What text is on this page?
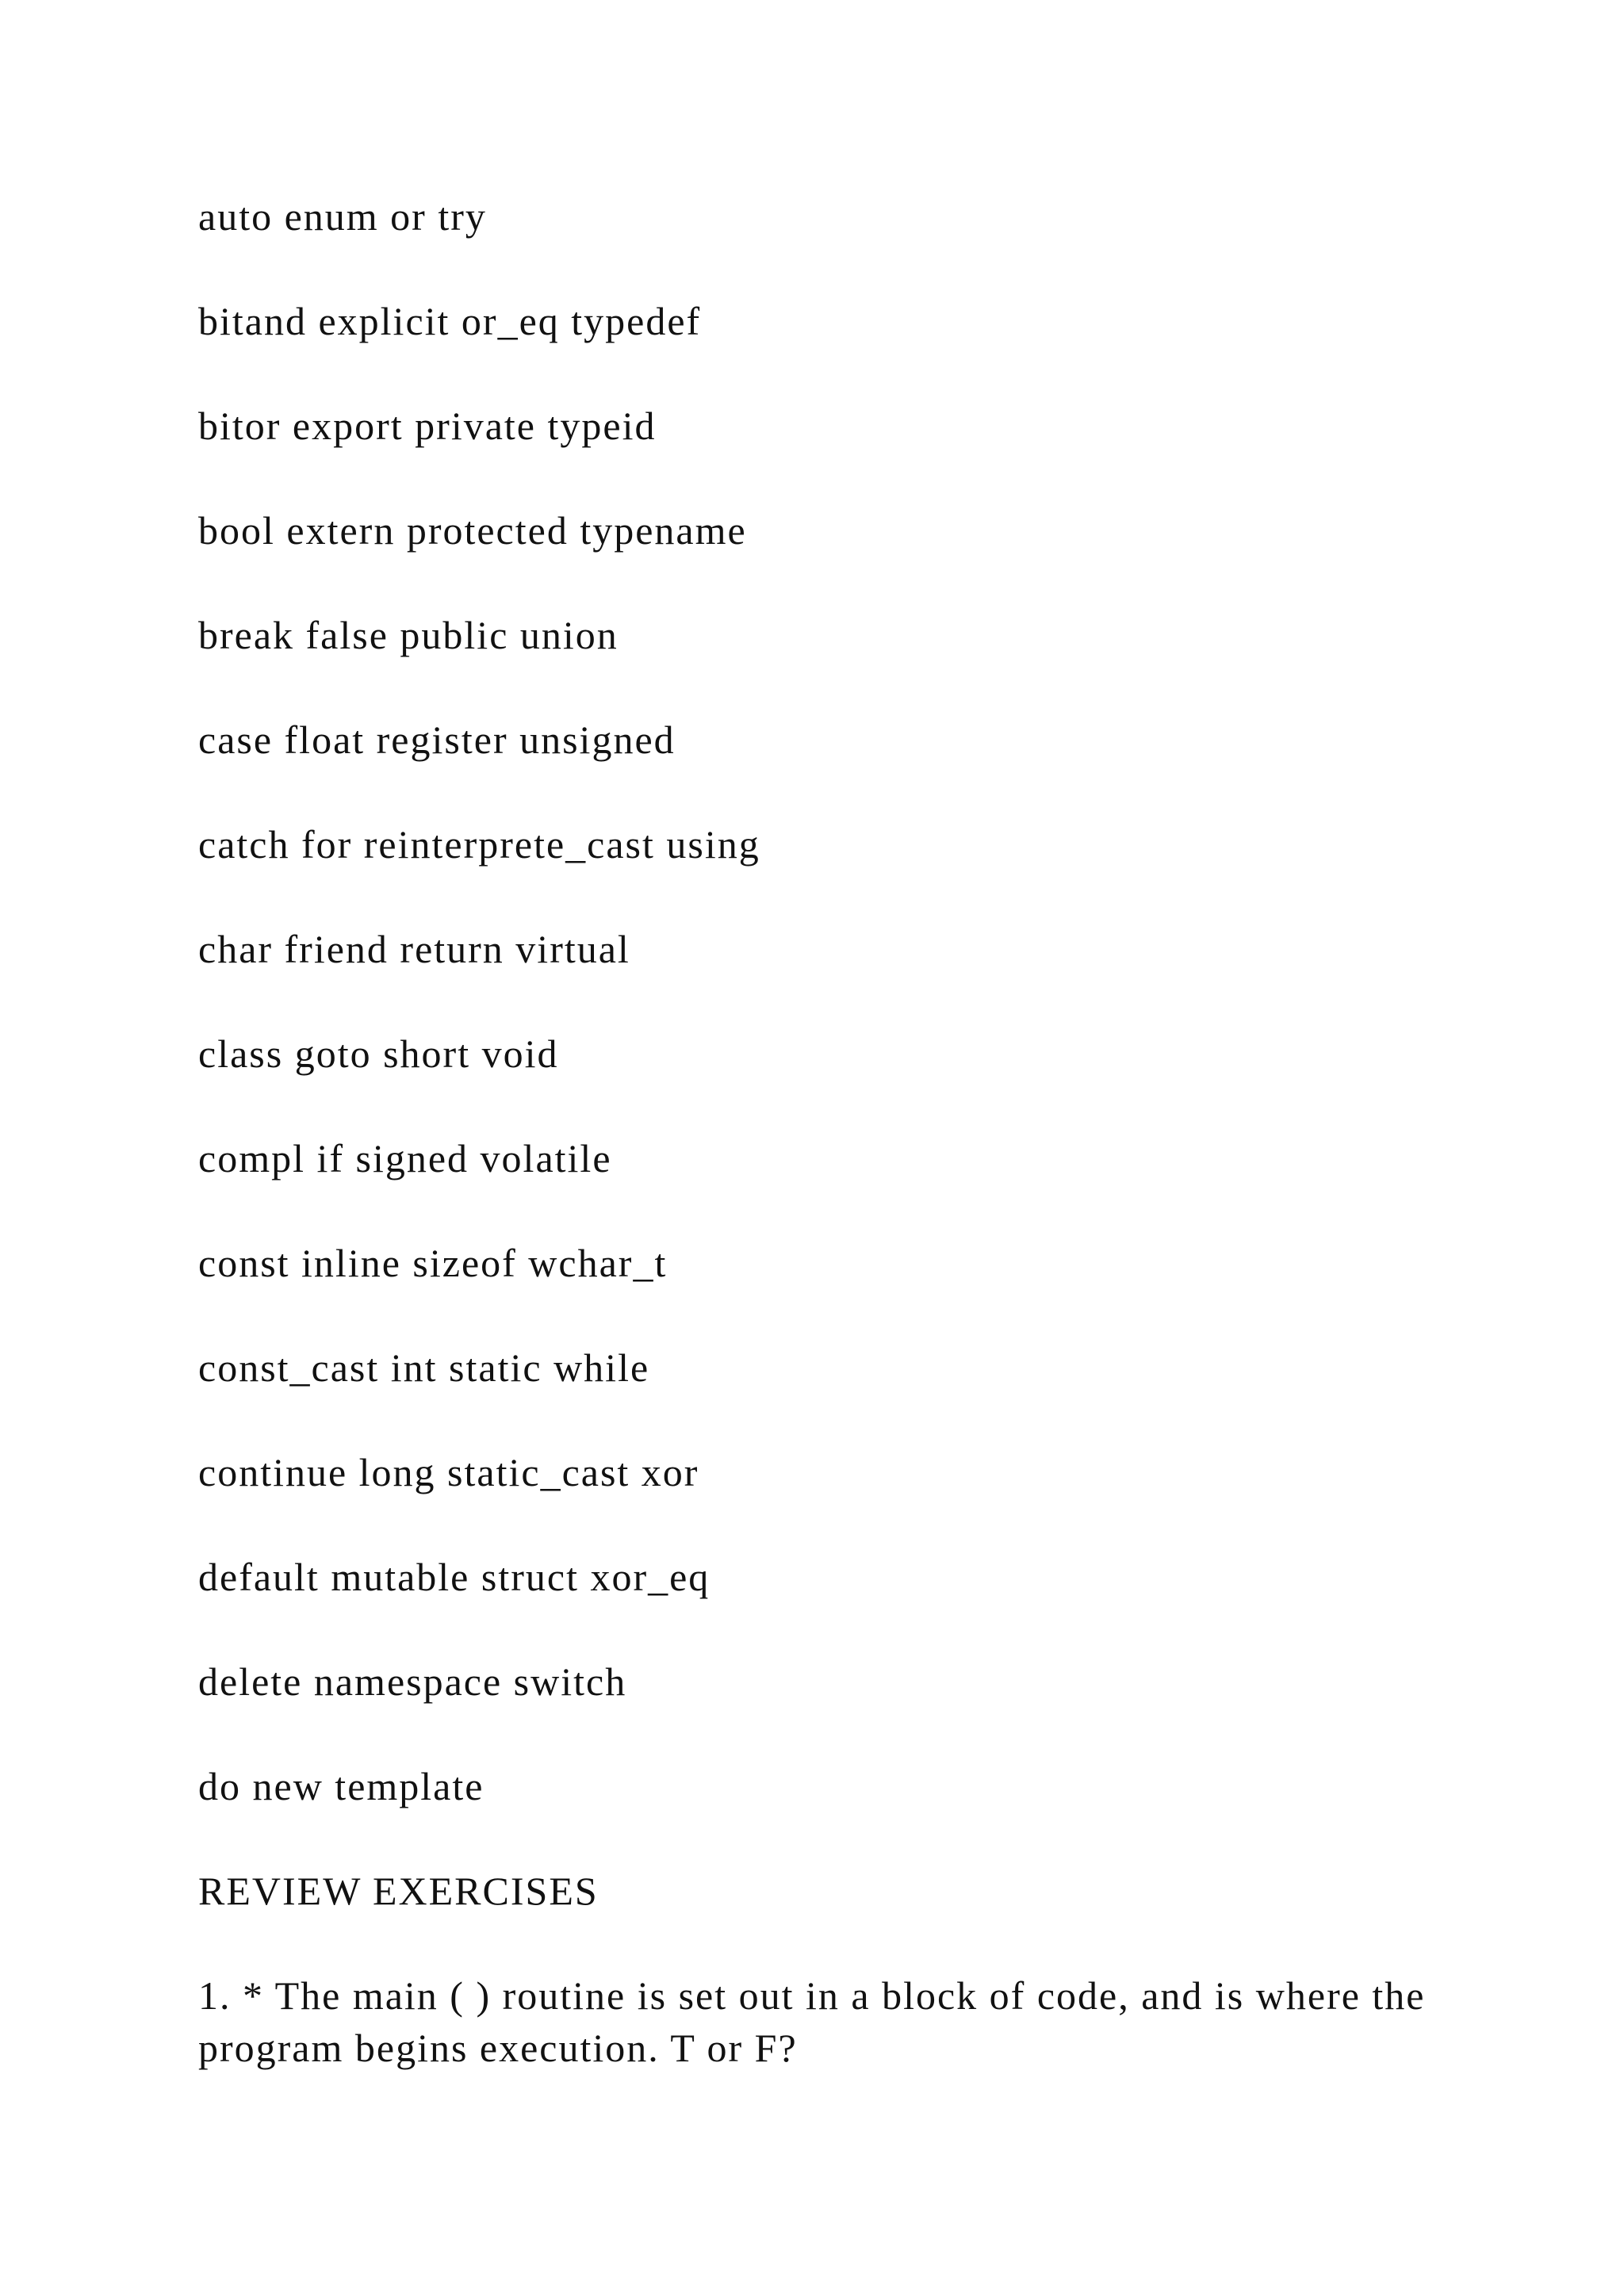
auto enum or try
bitand explicit or_eq typedef
bitor export private typeid
bool extern protected typename
break false public union
case float register unsigned
catch for reinterprete_cast using
char friend return virtual
class goto short void
compl if signed volatile
const inline sizeof wchar_t
const_cast int static while
continue long static_cast xor
default mutable struct xor_eq
delete namespace switch
do new template
REVIEW EXERCISES
1. * The main ( ) routine is set out in a block of code, and is where the program begins execution. T or F?
